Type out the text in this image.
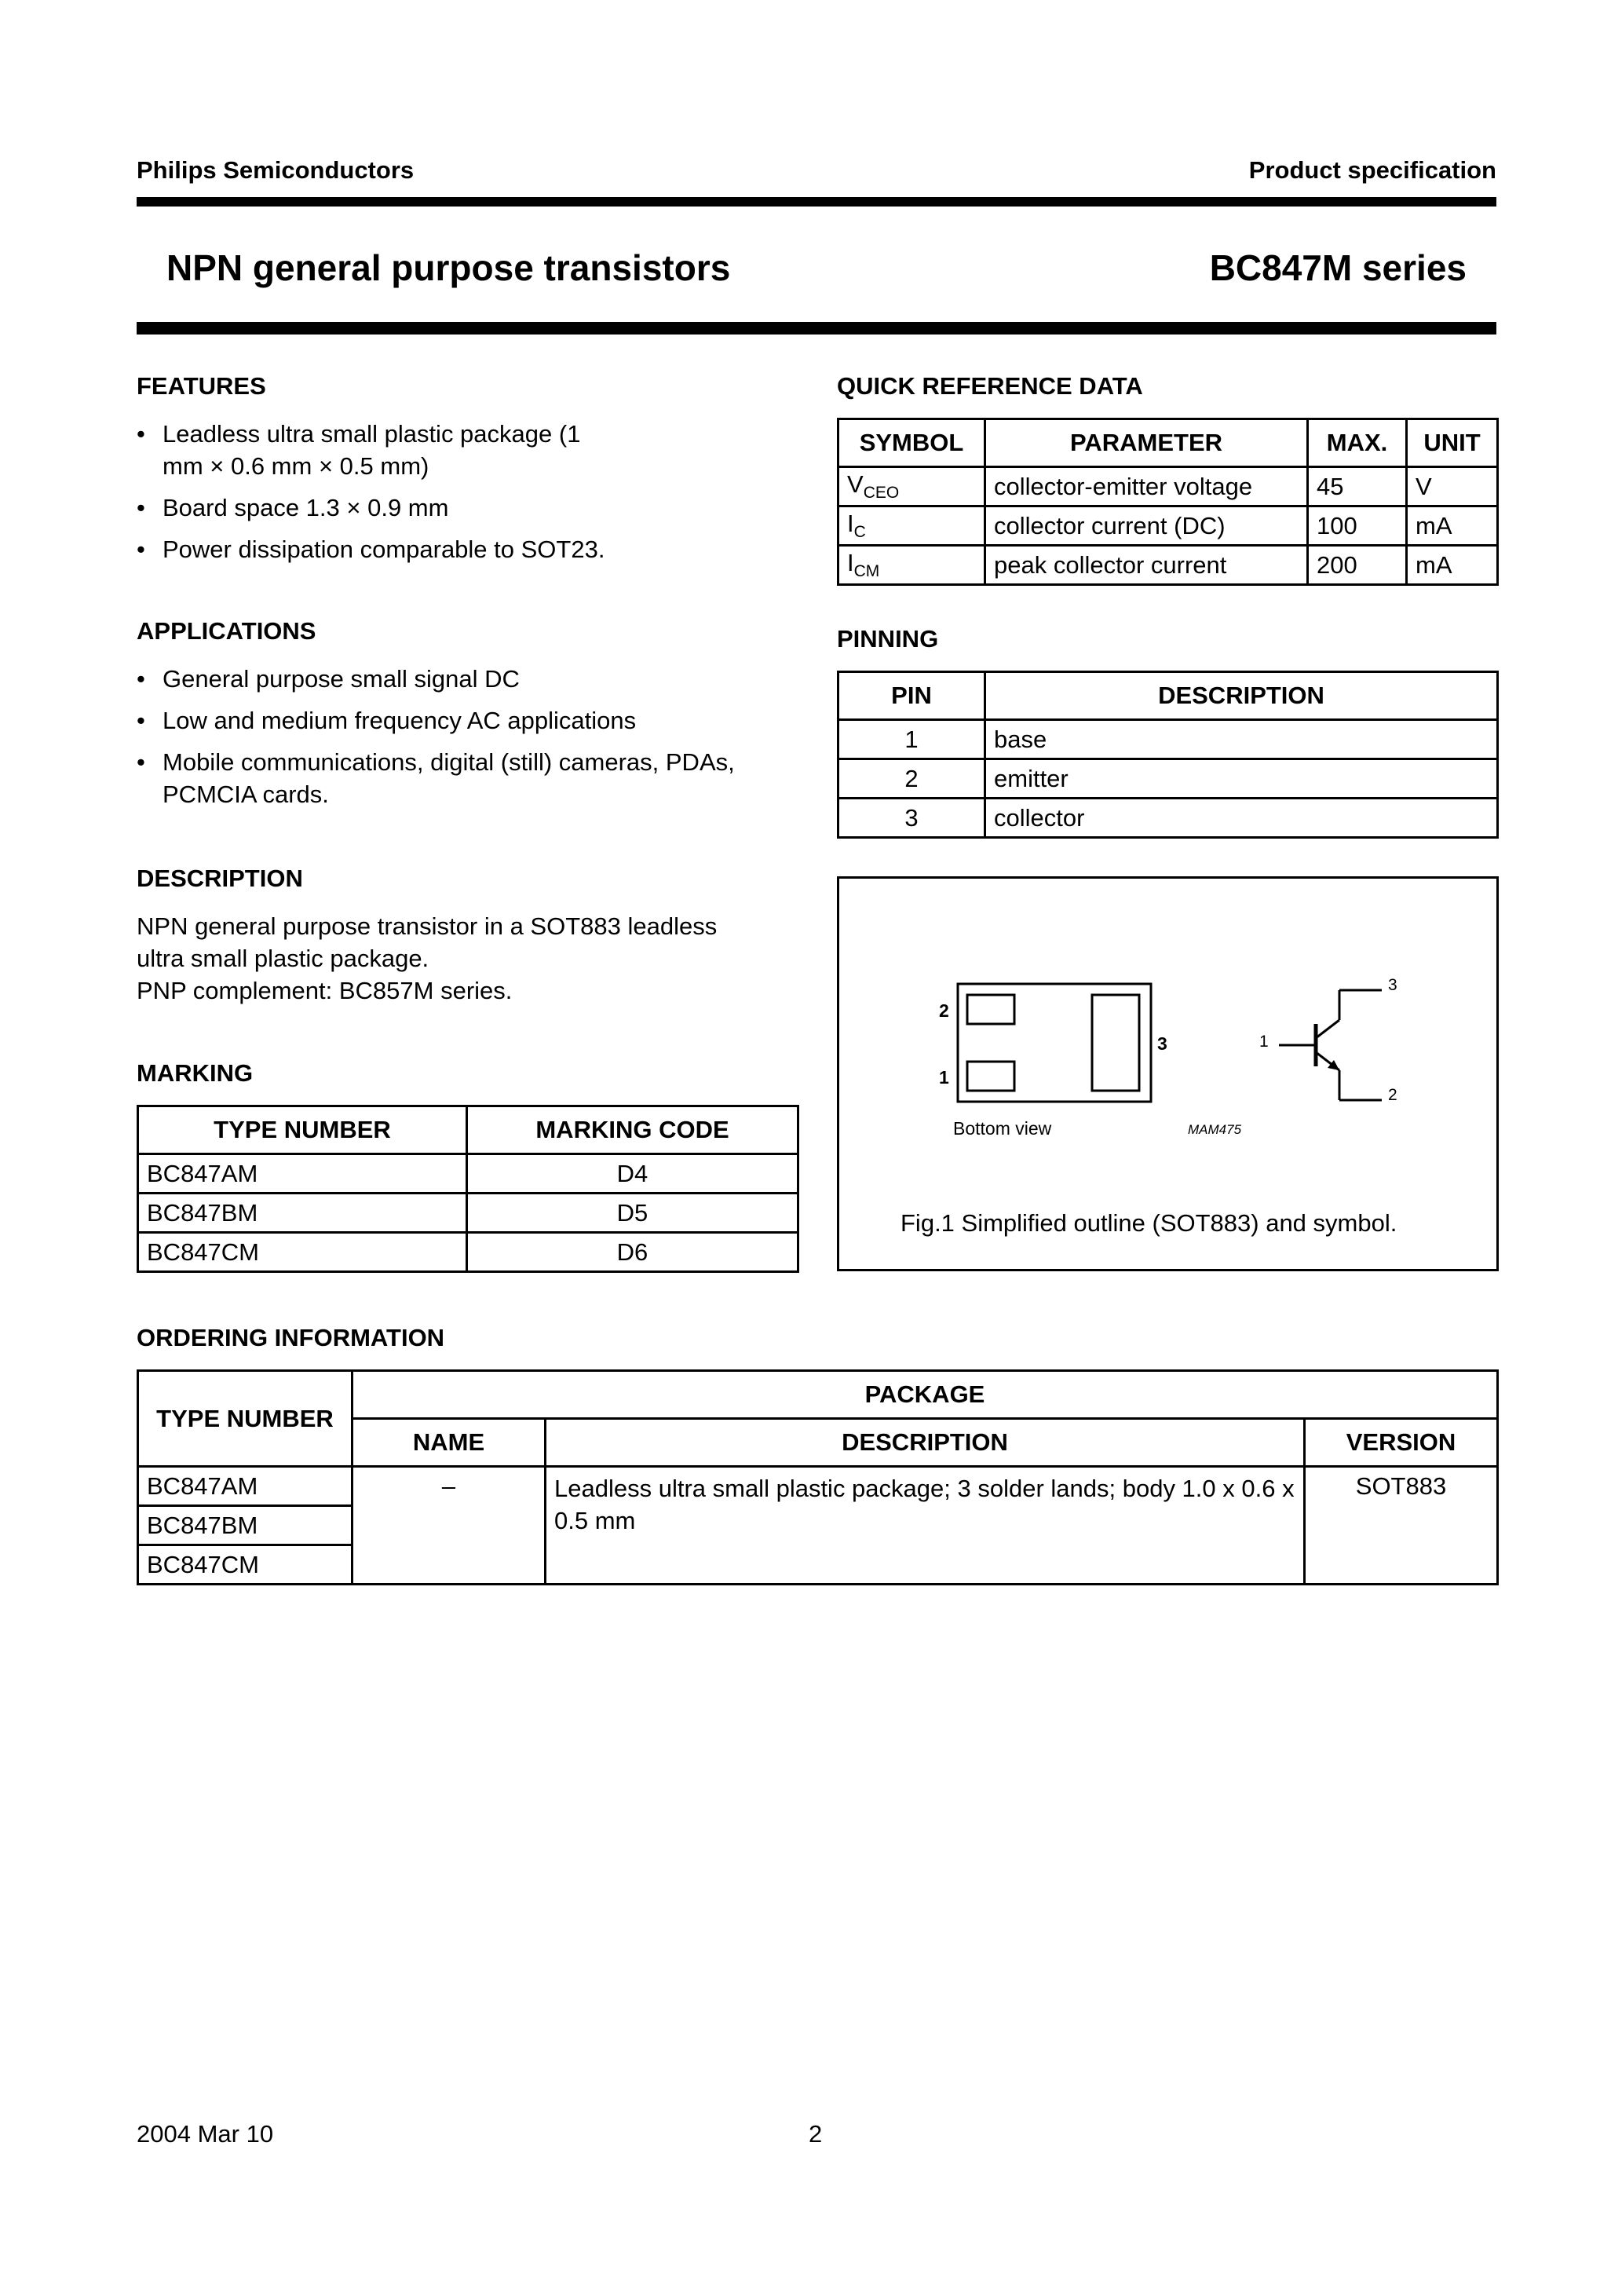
Philips Semiconductors	Product specification
NPN general purpose transistors	BC847M series
FEATURES
• Leadless ultra small plastic package (1 mm × 0.6 mm × 0.5 mm)
• Board space 1.3 × 0.9 mm
• Power dissipation comparable to SOT23.
APPLICATIONS
• General purpose small signal DC
• Low and medium frequency AC applications
• Mobile communications, digital (still) cameras, PDAs, PCMCIA cards.
DESCRIPTION
NPN general purpose transistor in a SOT883 leadless ultra small plastic package.
PNP complement: BC857M series.
MARKING
TYPE NUMBER	MARKING CODE
BC847AM	D4
BC847BM	D5
BC847CM	D6
QUICK REFERENCE DATA
SYMBOL	PARAMETER	MAX.	UNIT
$V_{CEO}$	collector-emitter voltage	45	V
$I_C$	collector current (DC)	100	mA
$I_{CM}$	peak collector current	200	mA
PINNING
PIN	DESCRIPTION
1	base
2	emitter
3	collector
2
1
3	1
3
2
Bottom view	MAM475
Fig.1 Simplified outline (SOT883) and symbol.
ORDERING INFORMATION
TYPE NUMBER	PACKAGE		
	NAME	DESCRIPTION	VERSION
BC847AM	–	Leadless ultra small plastic package; 3 solder lands; body 1.0 x 0.6 x 0.5 mm	SOT883
BC847BM			
BC847CM			
2004 Mar 10	2
